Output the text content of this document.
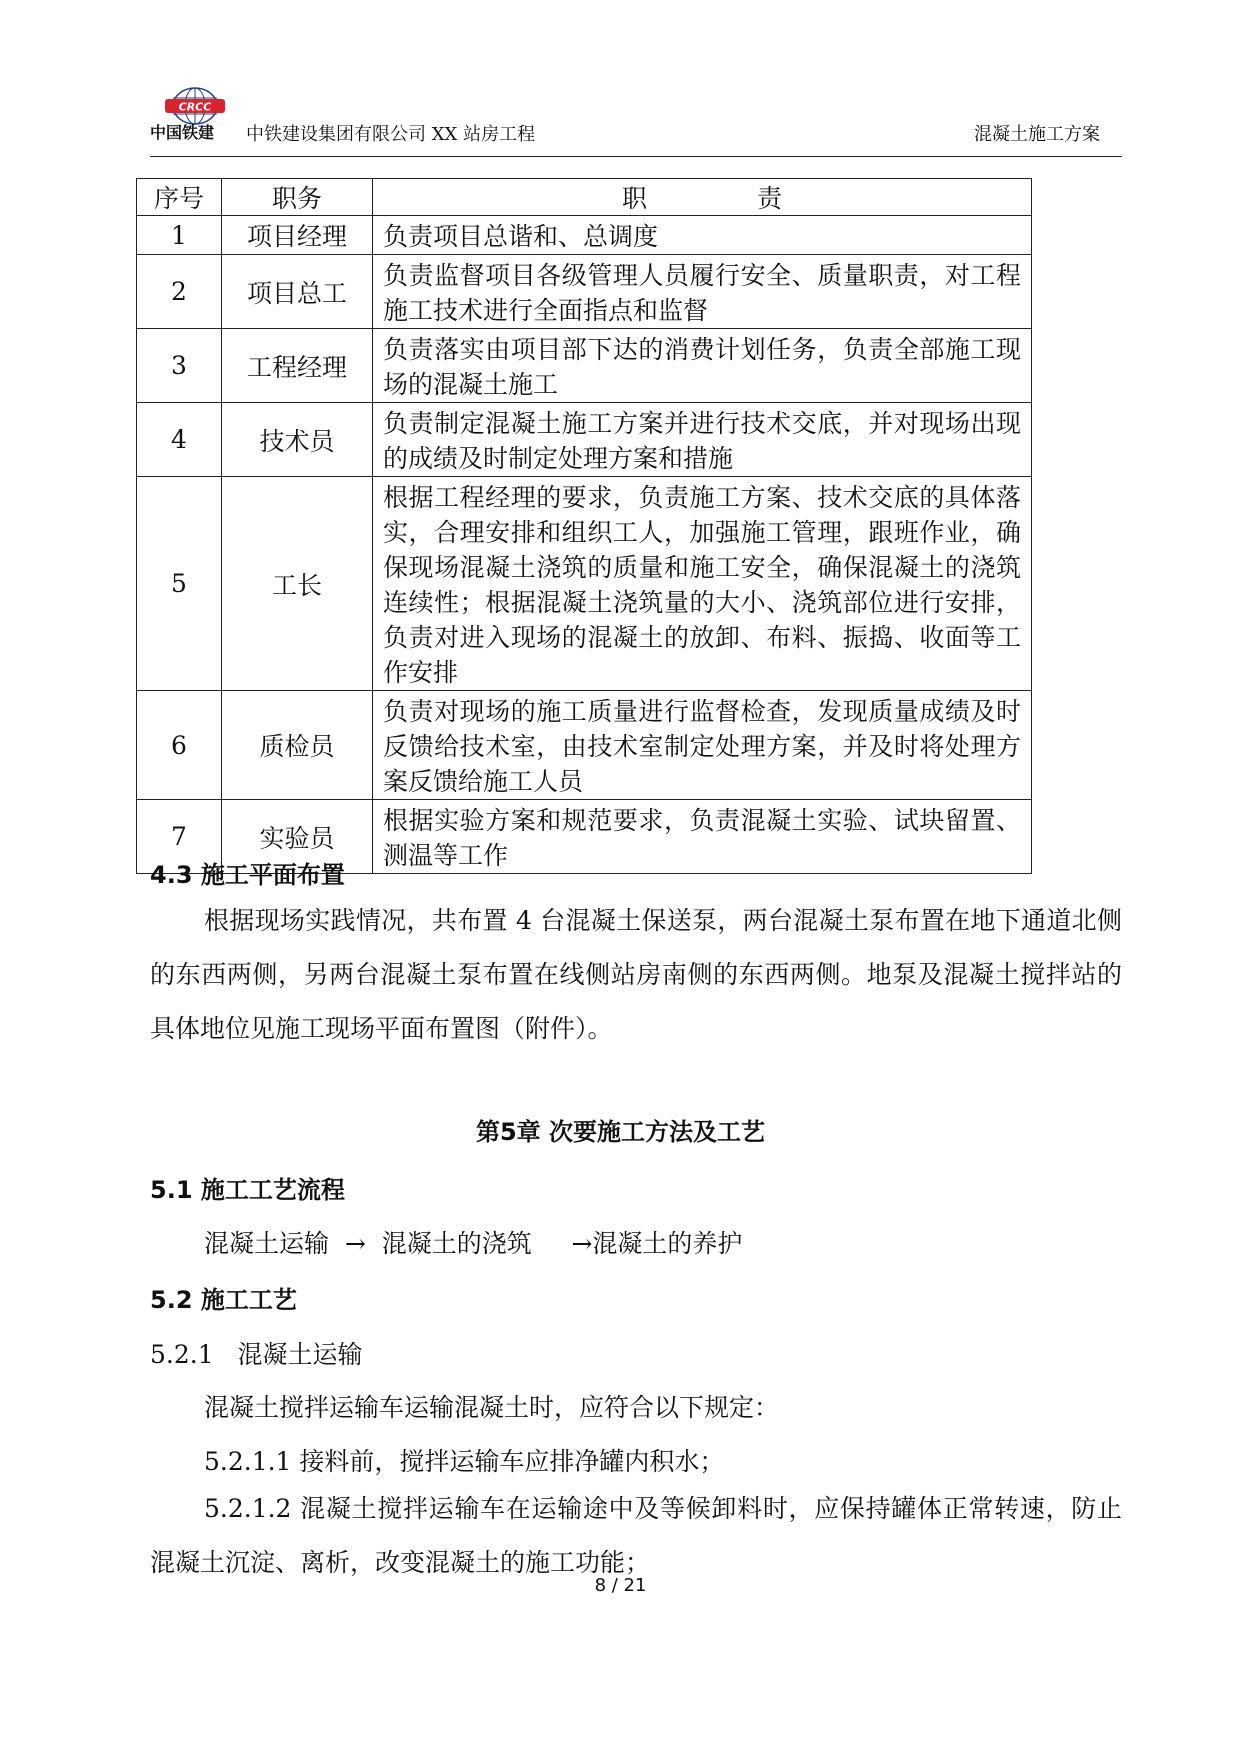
CRCC
中国铁建 中铁建设集团有限公司 XX 站房工程	混凝土施工方案
序号	职务	职 责
1	项目经理	负责项目总谐和、总调度
2	项目总工	负责监督项目各级管理人员履行安全、质量职责，对工程施工技术进行全面指点和监督
3	工程经理	负责落实由项目部下达的消费计划任务，负责全部施工现场的混凝土施工
4	技术员	负责制定混凝土施工方案并进行技术交底，并对现场出现的成绩及时制定处理方案和措施
5	工长	根据工程经理的要求，负责施工方案、技术交底的具体落实，合理安排和组织工人，加强施工管理，跟班作业，确保现场混凝土浇筑的质量和施工安全，确保混凝土的浇筑连续性；根据混凝土浇筑量的大小、浇筑部位进行安排，负责对进入现场的混凝土的放卸、布料、振捣、收面等工作安排
6	质检员	负责对现场的施工质量进行监督检查，发现质量成绩及时反馈给技术室，由技术室制定处理方案，并及时将处理方案反馈给施工人员
7	实验员	根据实验方案和规范要求，负责混凝土实验、试块留置、测温等工作
4.3 施工平面布置
根据现场实践情况，共布置 4 台混凝土保送泵，两台混凝土泵布置在地下通道北侧的东西两侧，另两台混凝土泵布置在线侧站房南侧的东西两侧。地泵及混凝土搅拌站的具体地位见施工现场平面布置图（附件）。
第5章 次要施工方法及工艺
5.1 施工工艺流程
混凝土运输  →  混凝土的浇筑     →混凝土的养护
5.2 施工工艺
5.2.1   混凝土运输
混凝土搅拌运输车运输混凝土时，应符合以下规定：
5.2.1.1 接料前，搅拌运输车应排净罐内积水；
5.2.1.2 混凝土搅拌运输车在运输途中及等候卸料时，应保持罐体正常转速，防止混凝土沉淀、离析，改变混凝土的施工功能；
8 / 21
